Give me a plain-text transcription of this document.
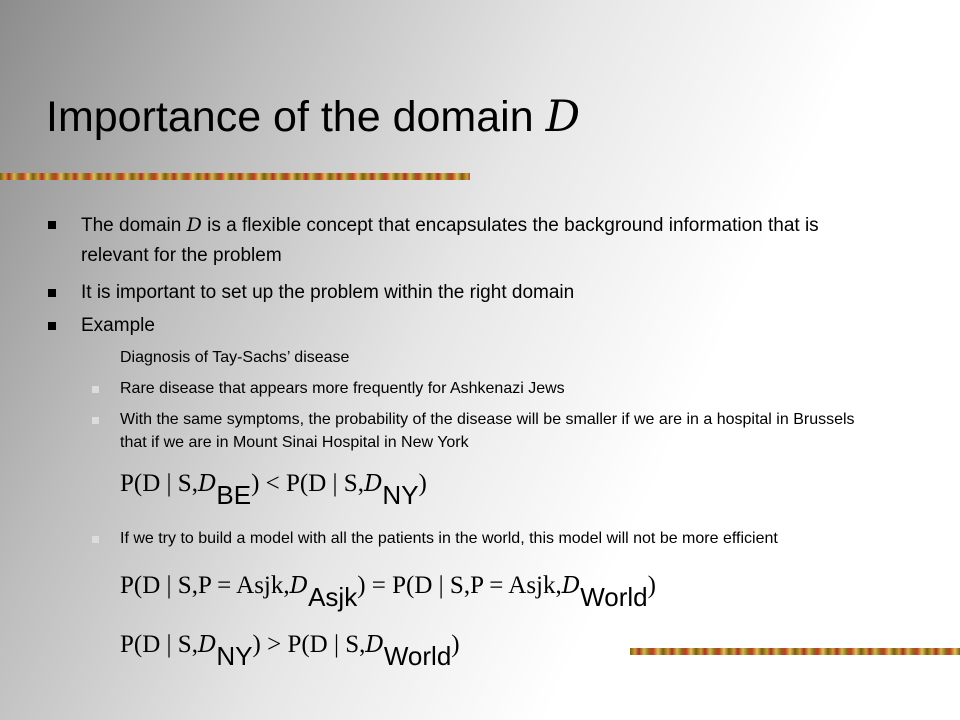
Importance of the domain D
The domain D is a flexible concept that encapsulates the background information that is relevant for the problem
It is important to set up the problem within the right domain
Example
Diagnosis of Tay-Sachs’ disease
Rare disease that appears more frequently for Ashkenazi Jews
With the same symptoms, the probability of the disease will be smaller if we are in a hospital in Brussels that if we are in Mount Sinai Hospital in New York
P(D | S,DBE) < P(D | S,DNY)
If we try to build a model with all the patients in the world, this model will not be more efficient
P(D | S,P = Asjk,DAsjk) = P(D | S,P = Asjk,DWorld)
P(D | S,DNY) > P(D | S,DWorld)
